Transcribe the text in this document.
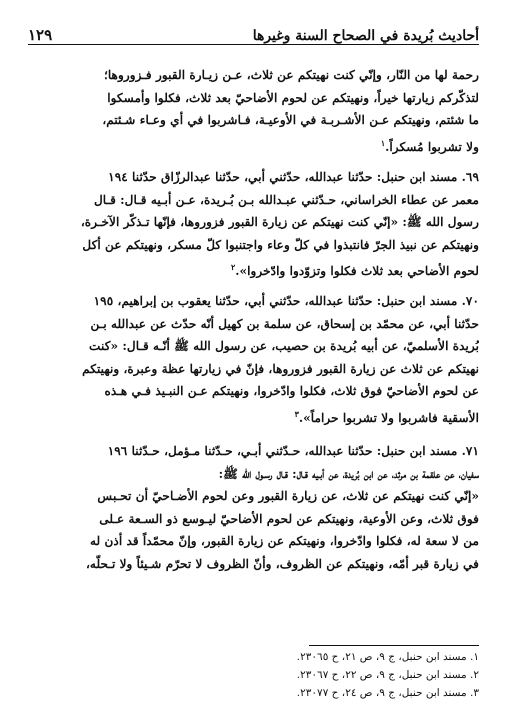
١٢٩	أحاديث بُريدة في الصحاح السنة وغيرها
رحمة لها من النّار، وإنّي كنت نهيتكم عن ثلاث، عـن زيـارة القبور فـزوروها؛
لتذكّركم زيارتها خيراً، ونهيتكم عن لحوم الأضاحيّ بعد ثلاث، فكلوا وأمسكوا
ما شئتم، ونهيتكم عـن الأشـربـة في الأوعيـة، فـاشربوا في أي وعـاء شـئتم،
ولا تشربوا مُسكراً.$^١$
٦٩. مسند ابن حنبل: حدّثنا عبدالله، حدّثني أبي، حدّثنا عبدالرزّاق حدّثنا ١٩٤
معمر عن عطاء الخراساني، حـدّثني عبـدالله بـن بُـريدة، عـن أبـيه قـال: قـال
رسول الله ﷺ: «إنّي كنت نهيتكم عن زيارة القبور فزوروها، فإنّها تـذكّر الآخـرة،
ونهيتكم عن نبيذ الجرّ فانتبذوا في كلّ وعاء واجتنبوا كلّ مسكر، ونهيتكم عن أكل
لحوم الأضاحي بعد ثلاث فكلوا وتزوّدوا وادّخروا».$^٢$
٧٠. مسند ابن حنبل: حدّثنا عبدالله، حدّثني أبي، حدّثنا يعقوب بن إبراهيم، ١٩٥
حدّثنا أبي، عن محمّد بن إسحاق، عن سلمة بن كهيل أنّه حدّث عن عبدالله بـن
بُريدة الأسلميّ، عن أبيه بُريدة بن حصيب، عن رسول الله ﷺ أنّـه قـال: «كنت
نهيتكم عن ثلاث عن زيارة القبور فزوروها، فإنّ في زيارتها عظة وعبرة، ونهيتكم
عن لحوم الأضاحيّ فوق ثلاث، فكلوا وادّخروا، ونهيتكم عـن النبـيذ فـي هـذه
الأسقية فاشربوا ولا تشربوا حراماً».$^٣$
٧١. مسند ابن حنبل: حدّثنا عبدالله، حـدّثني أبـي، حـدّثنا مـؤمل، حـدّثنا ١٩٦
سفيان، عن علقمة بن مرثد، عن ابن بُريدة، عن أبـيه قـال: قـال رسـول الله ﷺ:
«إنّي كنت نهيتكم عن ثلاث، عن زيارة القبور وعن لحوم الأضـاحيّ أن تحـبس
فوق ثلاث، وعن الأوعية، ونهيتكم عن لحوم الأضاحيّ ليـوسع ذو السـعة عـلى
من لا سعة له، فكلوا وادّخروا، ونهيتكم عن زيارة القبور، وإنّ محمّداً قد أذن له
في زيارة قبر أمّه، ونهيتكم عن الظروف، وأنّ الظروف لا تحرّم شـيئاً ولا تـحلّه،
١. مسند ابن حنبل، ج ٩، ص ٢١، ح ٢٣٠٦٥.
٢. مسند ابن حنبل، ج ٩، ص ٢٢، ح ٢٣٠٦٧.
٣. مسند ابن حنبل، ج ٩، ص ٢٤، ح ٢٣٠٧٧.
